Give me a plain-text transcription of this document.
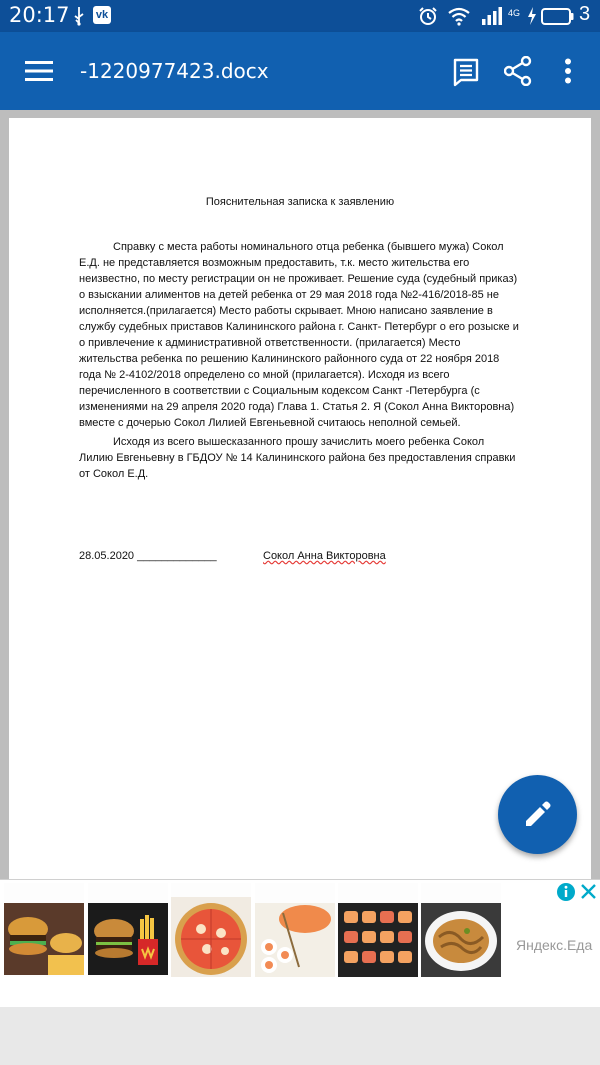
20:17 vk	4G	3
-1220977423.docx
Пояснительная записка к заявлению
Справку с места работы номинального отца ребенка (бывшего мужа) Сокол
Е.Д. не представляется возможным предоставить, т.к. место жительства его
неизвестно, по месту регистрации он не проживает. Решение суда (судебный приказ)
о взыскании алиментов на детей ребенка от 29 мая 2018 года №2-416/2018-85 не
исполняется.(прилагается) Место работы скрывает. Мною написано заявление в
службу судебных приставов Калининского района г. Санкт- Петербург о его розыске и
о привлечение к административной ответственности. (прилагается) Место
жительства ребенка по решению Калининского районного суда от 22 ноября 2018
года № 2-4102/2018 определено со мной (прилагается). Исходя из всего
перечисленного в соответствии с Социальным кодексом Санкт -Петербурга (с
изменениями на 29 апреля 2020 года) Глава 1. Статья 2. Я (Сокол Анна Викторовна)
вместе с дочерью Сокол Лилией Евгеньевной считаюсь неполной семьей.
Исходя из всего вышесказанного прошу зачислить моего ребенка Сокол
Лилию Евгеньевну в ГБДОУ № 14 Калининского района без предоставления справки
от Сокол Е.Д.
28.05.2020 _____________	Сокол Анна Викторовна
Яндекс.Еда
